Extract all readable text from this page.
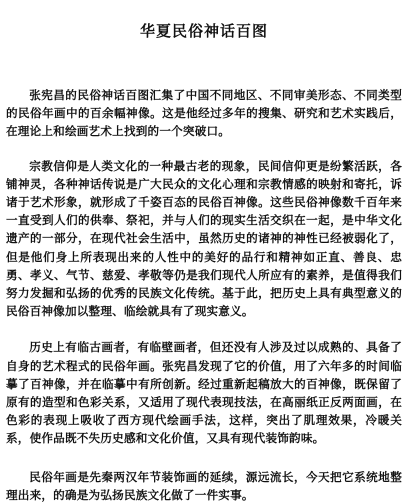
华夏民俗神话百图

张宪昌的民俗神话百图汇集了中国不同地区、不同审美形态、不同类型的民俗年画中的百余幅神像。这是他经过多年的搜集、研究和艺术实践后，在理论上和绘画艺术上找到的一个突破口。

宗教信仰是人类文化的一种最古老的现象，民间信仰更是纷繁活跃，各铺神灵，各种神话传说是广大民众的文化心理和宗教情感的映射和寄托，诉诸于艺术形象，就形成了千姿百态的民俗百神像。这些民俗神像数千百年来一直受到人们的供奉、祭祀，并与人们的现实生活交织在一起，是中华文化遗产的一部分，在现代社会生活中，虽然历史的诸神的神性已经被弱化了，但是他们身上所表现出来的人性中的美好的品行和精神如正直、善良、忠勇、孝义、气节、慈爱、孝敬等仍是我们现代人所应有的素养，是值得我们努力发掘和弘扬的优秀的民族文化传统。基于此，把历史上具有典型意义的民俗百神像加以整理、临绘就具有了现实意义。

历史上有临古画者，有临壁画者，但还没有人涉及过以成熟的、具备了自身的艺术程式的民俗年画。张宪昌发现了它的价值，用了六年多的时间临摹了百神像，并在临摹中有所创新。经过重新起稿放大的百神像，既保留了原有的造型和色彩关系，又适用了现代表现技法，在高丽纸正反两面画，在色彩的表现上吸收了西方现代绘画手法，这样，突出了肌理效果，冷暖关系，使作品既不失历史感和文化价值，又具有现代装饰韵味。

民俗年画是先秦两汉年节装饰画的延续，源远流长，今天把它系统地整理出来，的确是为弘扬民族文化做了一件实事。
